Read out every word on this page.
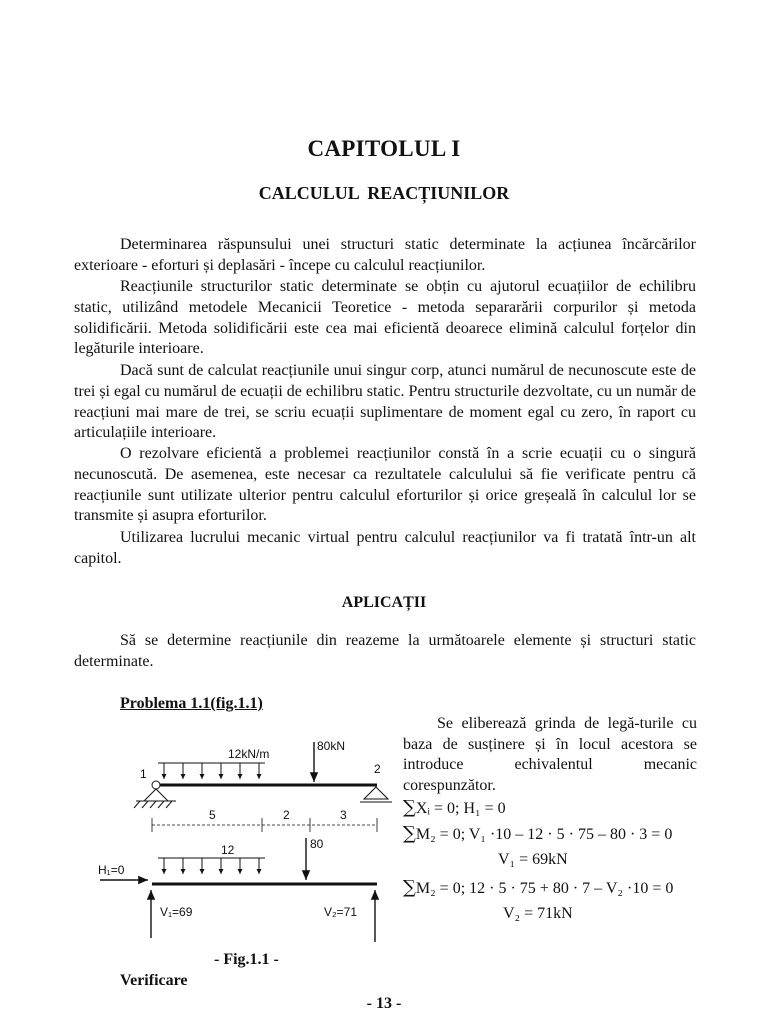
CAPITOLUL I
CALCULUL REACȚIUNILOR

Determinarea răspunsului unei structuri static determinate la acțiunea încărcărilor exterioare - eforturi și deplasări - începe cu calculul reacțiunilor.

Reacțiunile structurilor static determinate se obțin cu ajutorul ecuațiilor de echilibru static, utilizând metodele Mecanicii Teoretice - metoda separarării corpurilor și metoda solidificării. Metoda solidificării este cea mai eficientă deoarece elimină calculul forțelor din legăturile interioare.

Dacă sunt de calculat reacțiunile unui singur corp, atunci numărul de necunoscute este de trei și egal cu numărul de ecuații de echilibru static. Pentru structurile dezvoltate, cu un număr de reacțiuni mai mare de trei, se scriu ecuații suplimentare de moment egal cu zero, în raport cu articulațiile interioare.

O rezolvare eficientă a problemei reacțiunilor constă în a scrie ecuații cu o singură necunoscută. De asemenea, este necesar ca rezultatele calculului să fie verificate pentru că reacțiunile sunt utilizate ulterior pentru calculul eforturilor și orice greșeală în calculul lor se transmite și asupra eforturilor.

Utilizarea lucrului mecanic virtual pentru calculul reacțiunilor va fi tratată într-un alt capitol.

APLICAȚII

Să se determine reacțiunile din reazeme la următoarele elemente și structuri static determinate.

Problema 1.1(fig.1.1)

Se eliberează grinda de legă-turile cu baza de susținere și în locul acestora se introduce echivalentul mecanic corespunzător.

∑Xᵢ = 0; H₁ = 0
∑M₂ = 0; V₁ ·10 – 12 · 5 · 75 – 80 · 3 = 0
V₁ = 69kN
∑M₂ = 0; 12 · 5 · 75 + 80 · 7 – V₂ ·10 = 0
V₂ = 71kN
12kN/m
80kN
1	2
5	2	3
12	80
H₁=0
V₁=69	V₂=71
- Fig.1.1 -
Verificare
- 13 -
